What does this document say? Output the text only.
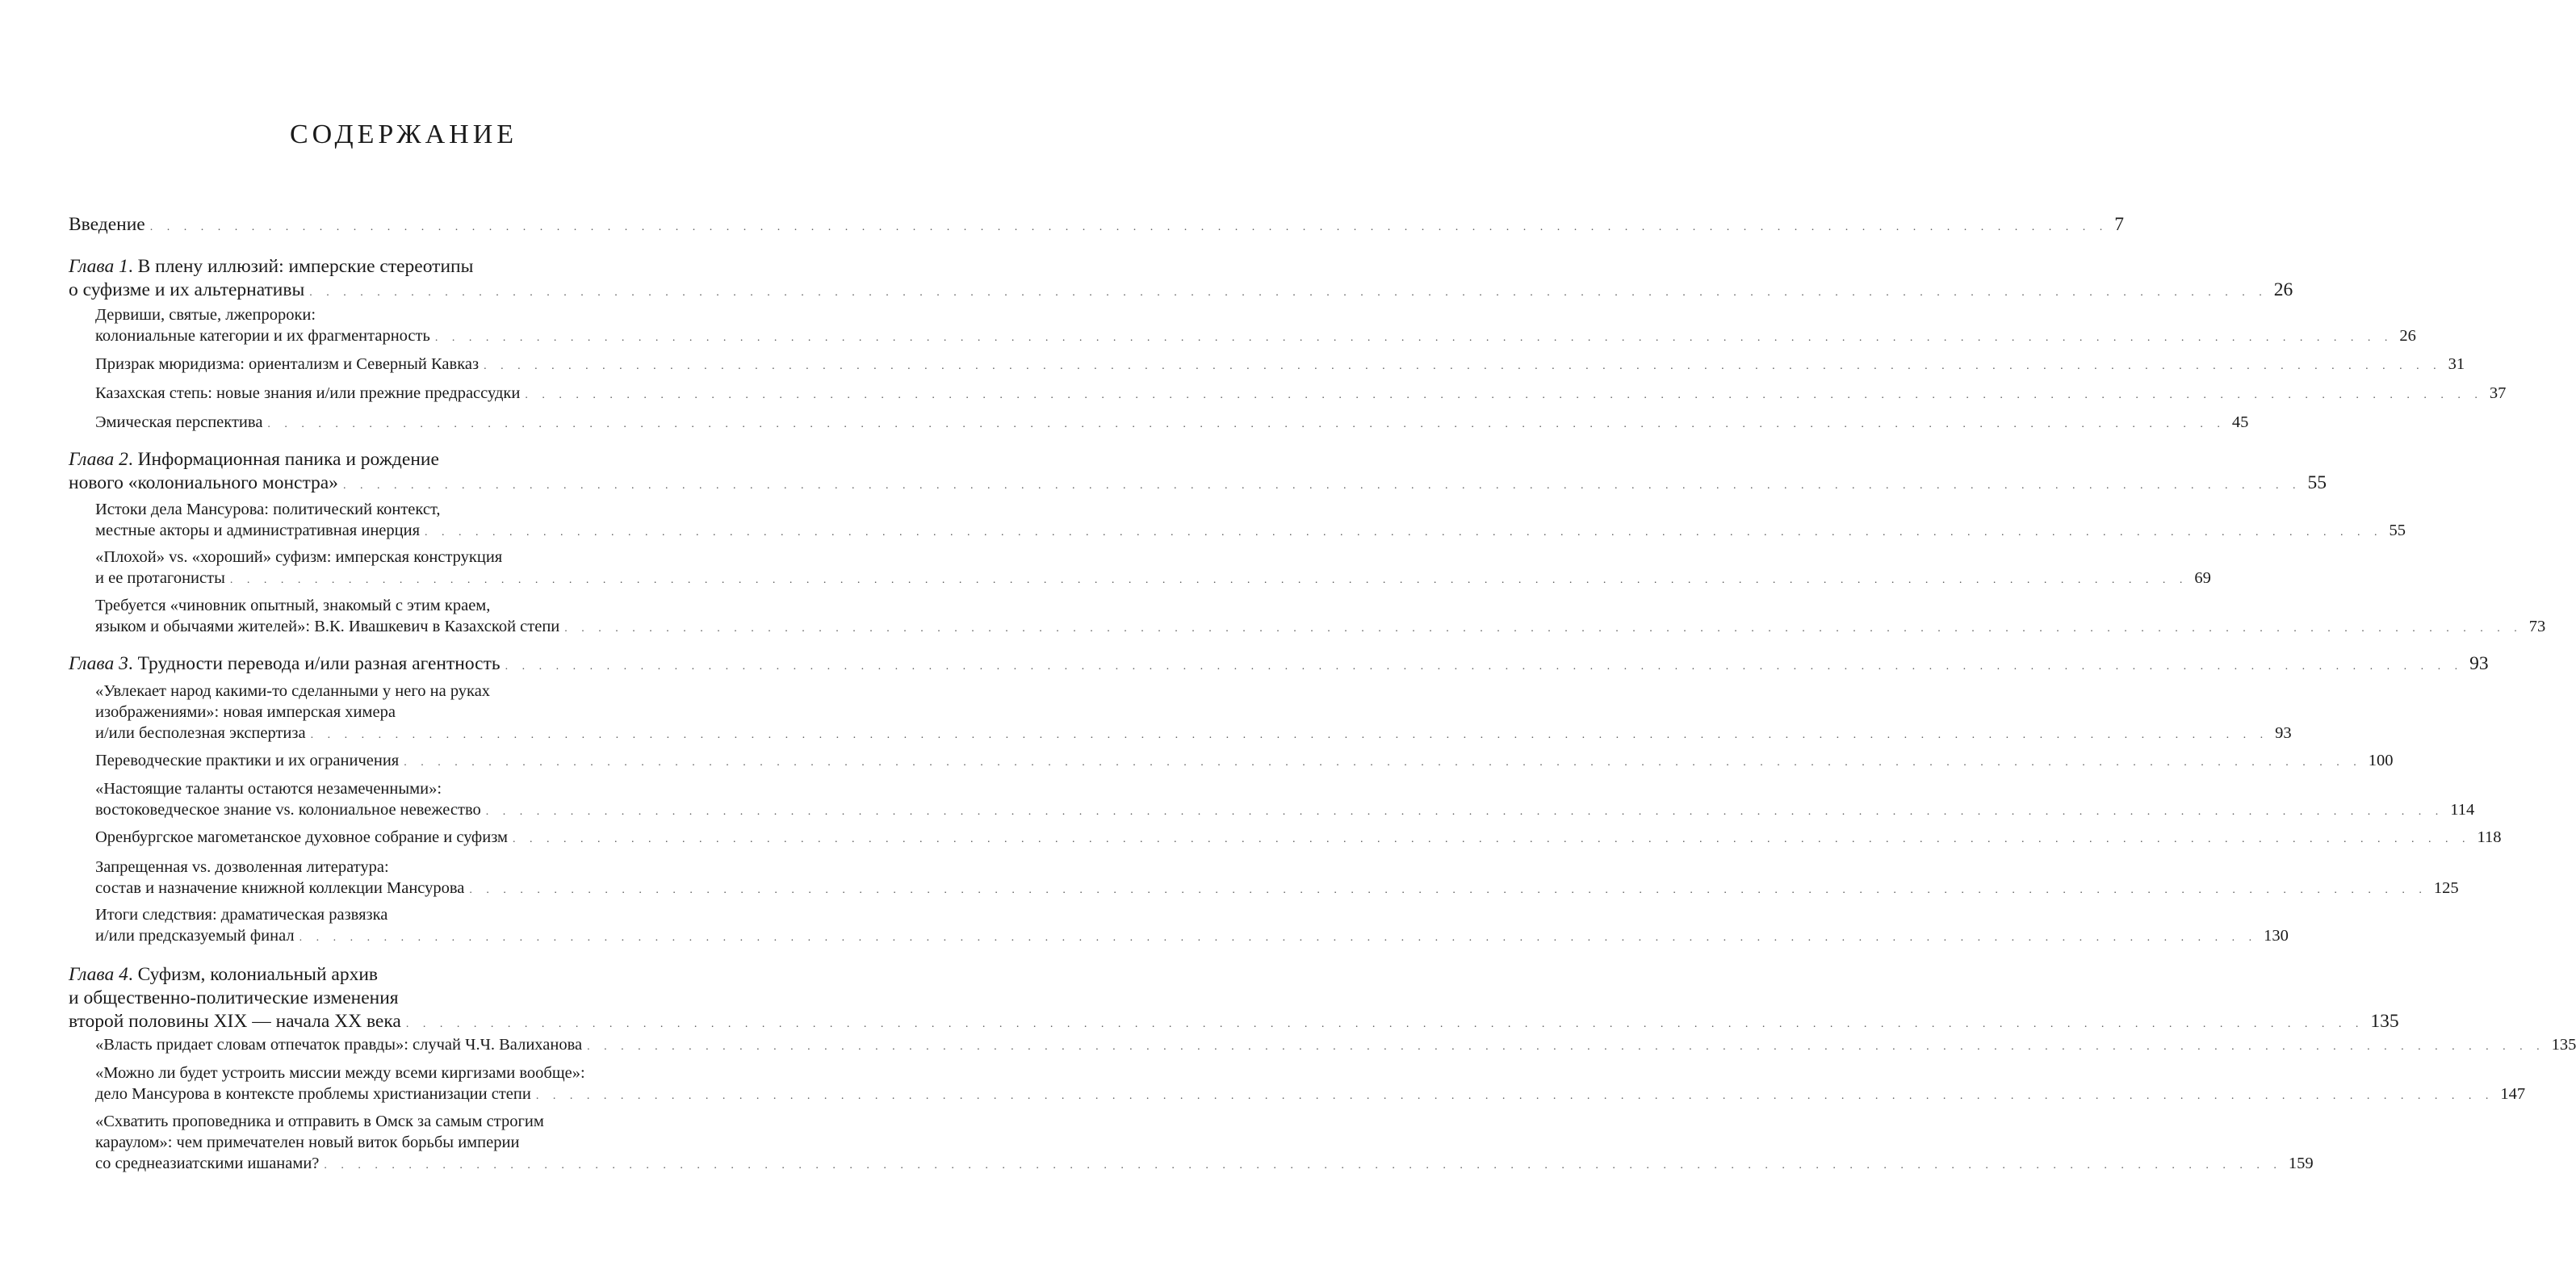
СОДЕРЖАНИЕ
Введение . . .	7
Глава 1. В плену иллюзий: имперские стереотипы
о суфизме и их альтернативы . . .	26
Дервиши, святые, лжепророки:
колониальные категории и их фрагментарность . . .	26
Призрак мюридизма: ориентализм и Северный Кавказ . . .	31
Казахская степь: новые знания и/или прежние предрассудки . . .	37
Эмическая перспектива . . .	45
Глава 2. Информационная паника и рождение
нового «колониального монстра» . . .	55
Истоки дела Мансурова: политический контекст,
местные акторы и административная инерция . . .	55
«Плохой» vs. «хороший» суфизм: имперская конструкция
и ее протагонисты . . .	69
Требуется «чиновник опытный, знакомый с этим краем,
языком и обычаями жителей»: В.К. Ивашкевич в Казахской степи . . .	73
Глава 3. Трудности перевода и/или разная агентность . . .	93
«Увлекает народ какими-то сделанными у него на руках
изображениями»: новая имперская химера
и/или бесполезная экспертиза . . .	93
Переводческие практики и их ограничения . . .	100
«Настоящие таланты остаются незамеченными»:
востоковедческое знание vs. колониальное невежество . . .	114
Оренбургское магометанское духовное собрание и суфизм . . .	118
Запрещенная vs. дозволенная литература:
состав и назначение книжной коллекции Мансурова . . .	125
Итоги следствия: драматическая развязка
и/или предсказуемый финал . . .	130
Глава 4. Суфизм, колониальный архив
и общественно-политические изменения
второй половины XIX — начала XX века . . .	135
«Власть придает словам отпечаток правды»: случай Ч.Ч. Валиханова . . .	135
«Можно ли будет устроить миссии между всеми киргизами вообще»:
дело Мансурова в контексте проблемы христианизации степи . . .	147
«Схватить проповедника и отправить в Омск за самым строгим
караулом»: чем примечателен новый виток борьбы империи
со среднеазиатскими ишанами? . . .	159
